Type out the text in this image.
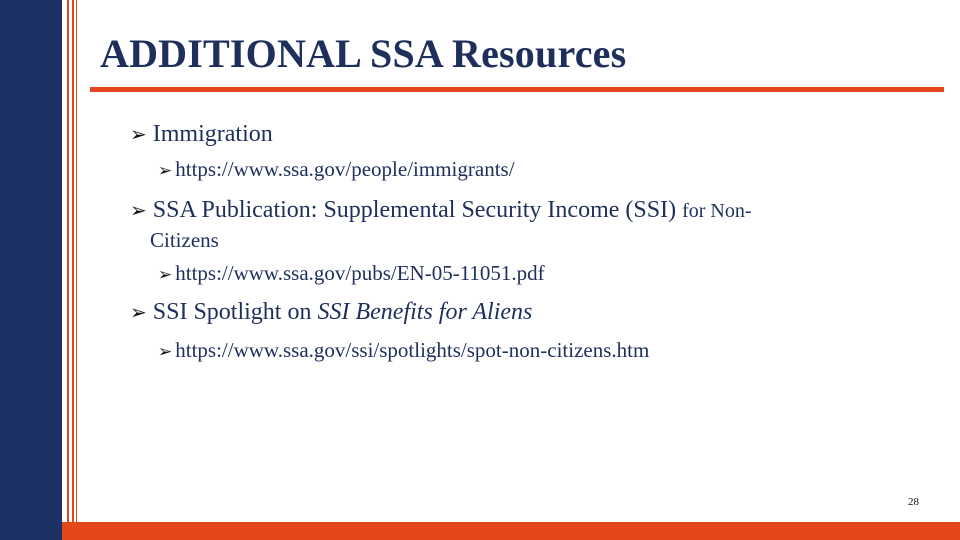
ADDITIONAL SSA Resources
➢ Immigration
➢ https://www.ssa.gov/people/immigrants/
➢ SSA Publication: Supplemental Security Income (SSI) for Non-
Citizens
➢ https://www.ssa.gov/pubs/EN-05-11051.pdf
➢ SSI Spotlight on SSI Benefits for Aliens
➢ https://www.ssa.gov/ssi/spotlights/spot-non-citizens.htm
28
